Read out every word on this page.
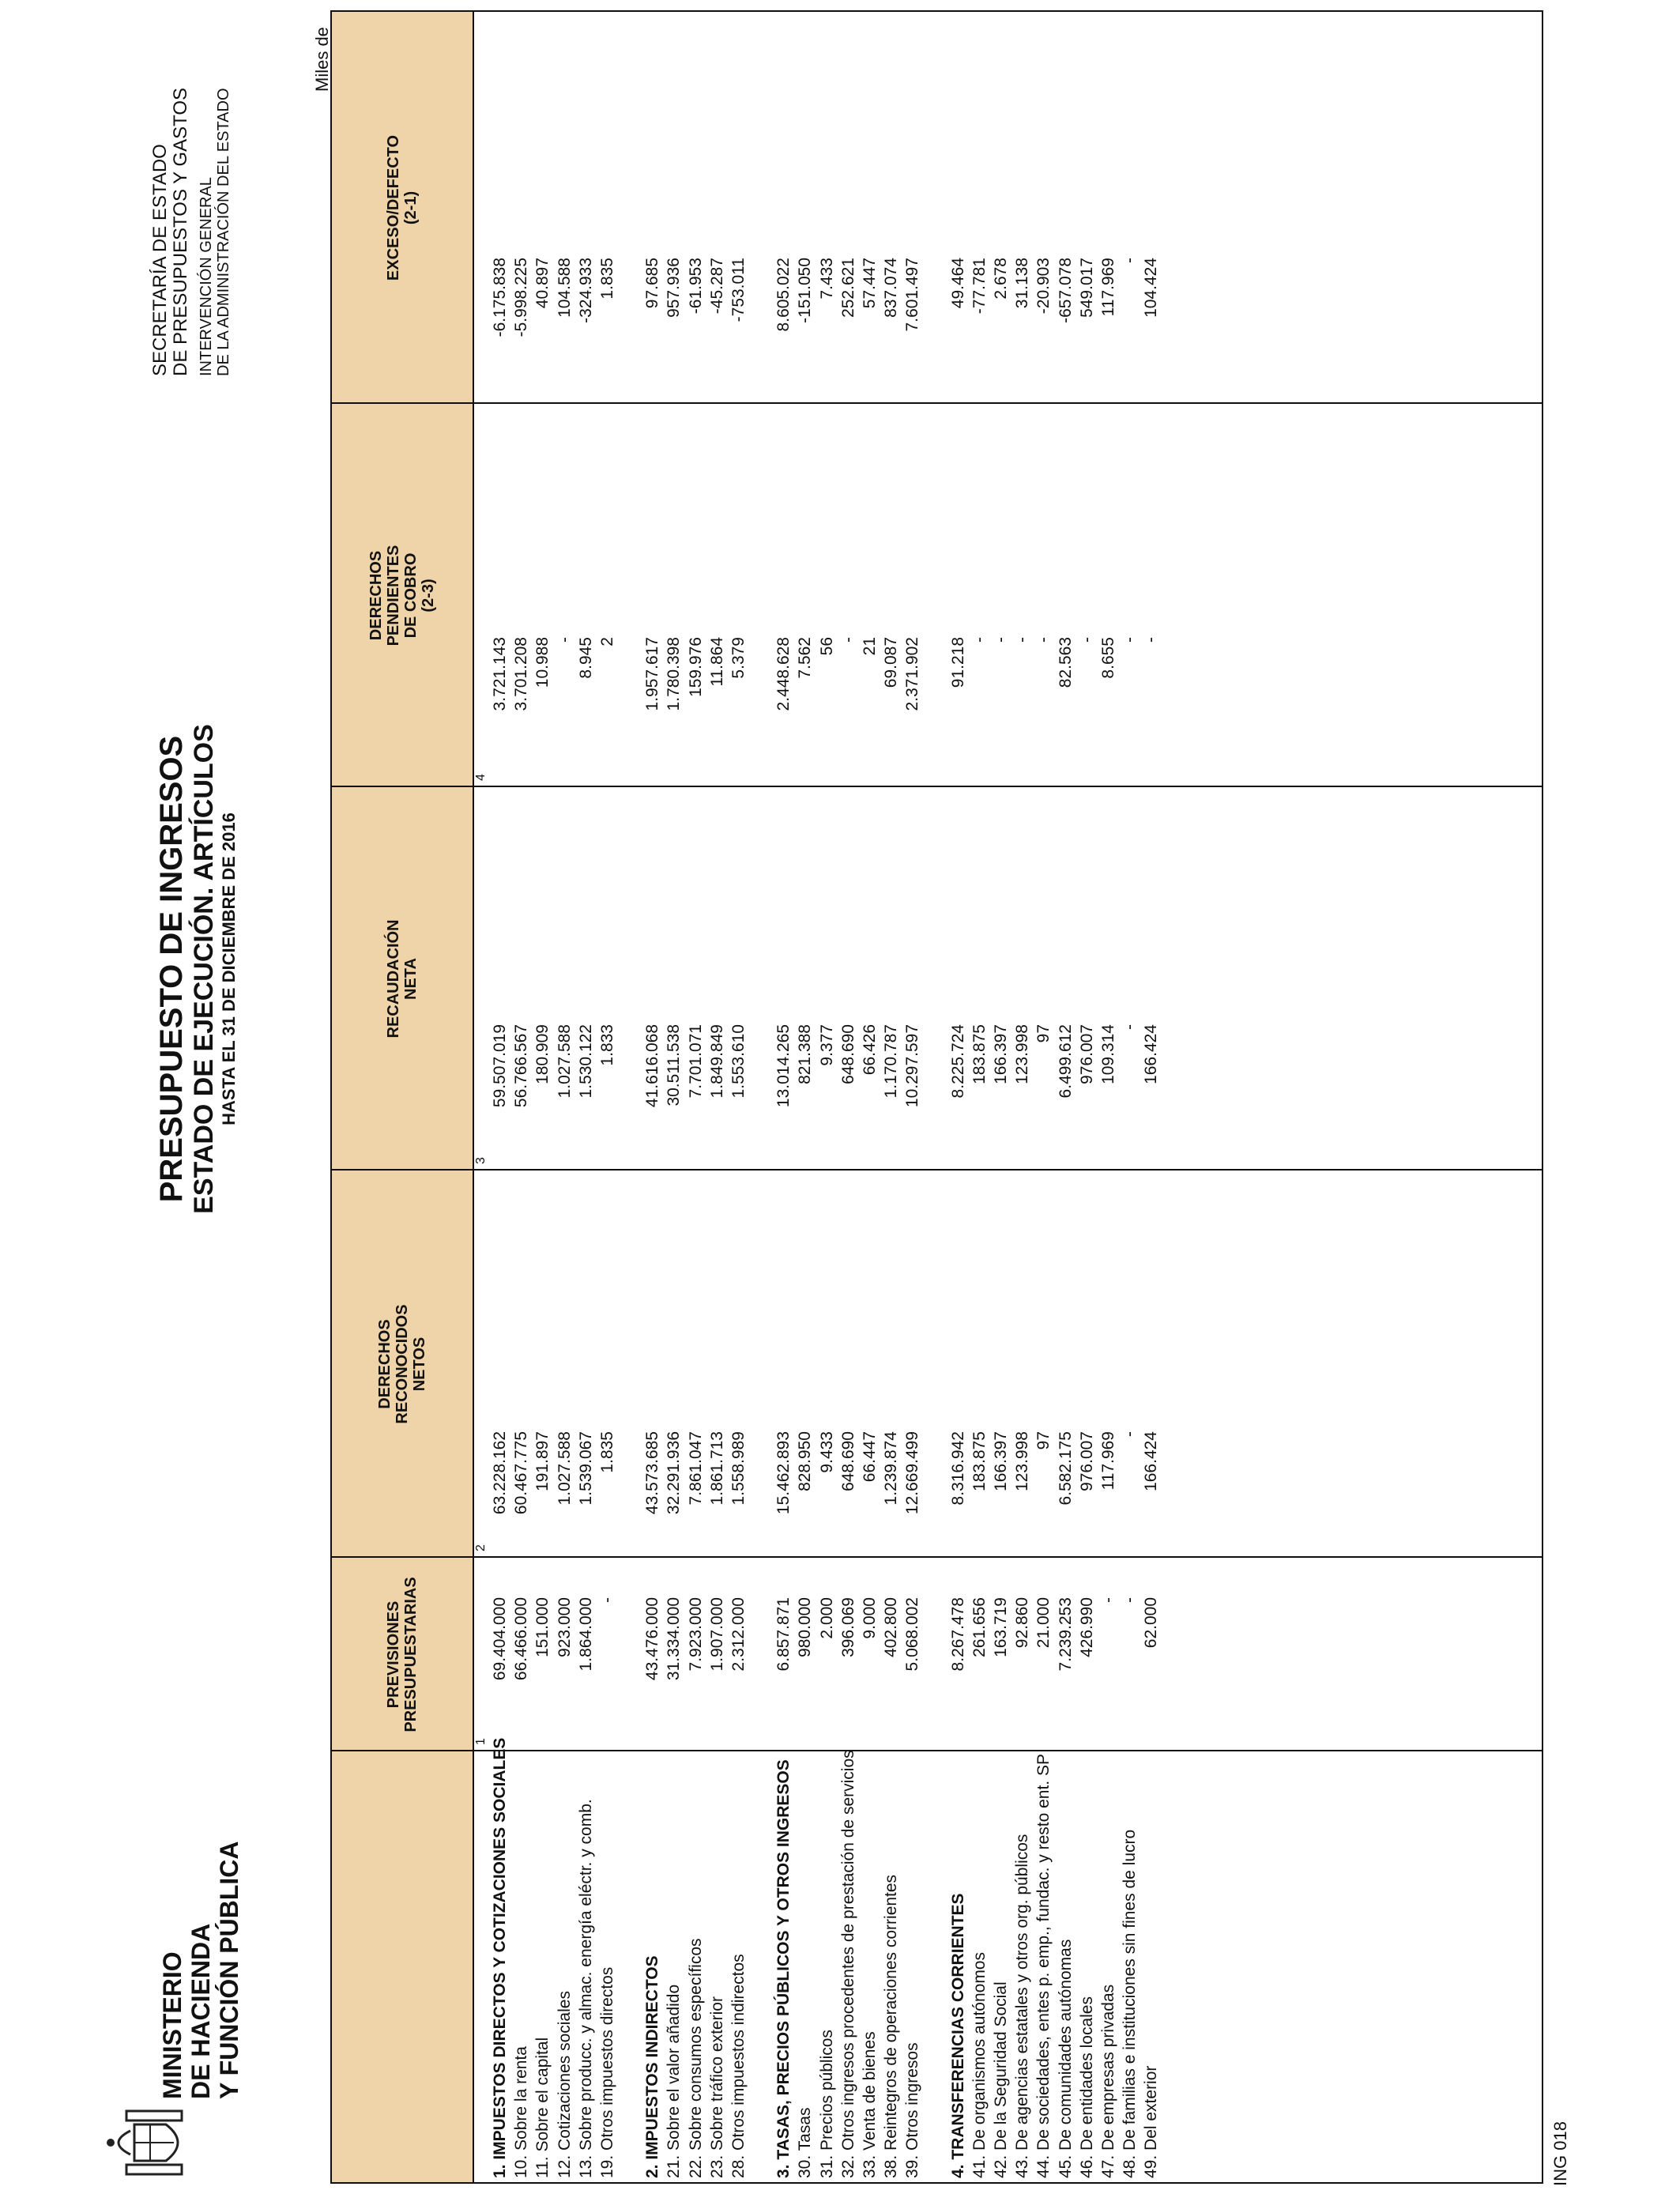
MINISTERIO DE HACIENDA Y FUNCIÓN PÚBLICA
PRESUPUESTO DE INGRESOS ESTADO DE EJECUCIÓN. ARTÍCULOS HASTA EL 31 DE DICIEMBRE DE 2016
SECRETARÍA DE ESTADO DE PRESUPUESTOS Y GASTOS INTERVENCIÓN GENERAL DE LA ADMINISTRACIÓN DEL ESTADO
Miles de
PREVISIONES
PRESUPUESTARIAS
DERECHOS
RECONOCIDOS
NETOS
RECAUDACIÓN
NETA
DERECHOS
PENDIENTES
DE COBRO
(2-3)
EXCESO/DEFECTO
(2-1)
1. IMPUESTOS DIRECTOS Y COTIZACIONES SOCIALES
69.404.000
63.228.162
59.507.019
3.721.143
-6.175.838
10. Sobre la renta
66.466.000
60.467.775
56.766.567
3.701.208
-5.998.225
11. Sobre el capital
151.000
191.897
180.909
10.988
40.897
12. Cotizaciones sociales
923.000
1.027.588
1.027.588
-
104.588
13. Sobre producc. y almac. energía eléctr. y comb.
1.864.000
1.539.067
1.530.122
8.945
-324.933
19. Otros impuestos directos
-
1.835
1.833
2
1.835
2. IMPUESTOS INDIRECTOS
43.476.000
43.573.685
41.616.068
1.957.617
97.685
21. Sobre el valor añadido
31.334.000
32.291.936
30.511.538
1.780.398
957.936
22. Sobre consumos específicos
7.923.000
7.861.047
7.701.071
159.976
-61.953
23. Sobre tráfico exterior
1.907.000
1.861.713
1.849.849
11.864
-45.287
28. Otros impuestos indirectos
2.312.000
1.558.989
1.553.610
5.379
-753.011
3. TASAS, PRECIOS PÚBLICOS Y OTROS INGRESOS
6.857.871
15.462.893
13.014.265
2.448.628
8.605.022
30. Tasas
980.000
828.950
821.388
7.562
-151.050
31. Precios públicos
2.000
9.433
9.377
56
7.433
32. Otros ingresos procedentes de prestación de servicios
396.069
648.690
648.690
-
252.621
33. Venta de bienes
9.000
66.447
66.426
21
57.447
38. Reintegros de operaciones corrientes
402.800
1.239.874
1.170.787
69.087
837.074
39. Otros ingresos
5.068.002
12.669.499
10.297.597
2.371.902
7.601.497
4. TRANSFERENCIAS CORRIENTES
8.267.478
8.316.942
8.225.724
91.218
49.464
41. De organismos autónomos
261.656
183.875
183.875
-
-77.781
42. De la Seguridad Social
163.719
166.397
166.397
-
2.678
43. De agencias estatales y otros org. públicos
92.860
123.998
123.998
-
31.138
44. De sociedades, entes p. emp., fundac. y resto ent. SP
21.000
97
97
-
-20.903
45. De comunidades autónomas
7.239.253
6.582.175
6.499.612
82.563
-657.078
46. De entidades locales
426.990
976.007
976.007
-
549.017
47. De empresas privadas
-
117.969
109.314
8.655
117.969
48. De familias e instituciones sin fines de lucro
-
-
-
-
-
49. Del exterior
62.000
166.424
166.424
-
104.424
1
2
3
4
ING 018
